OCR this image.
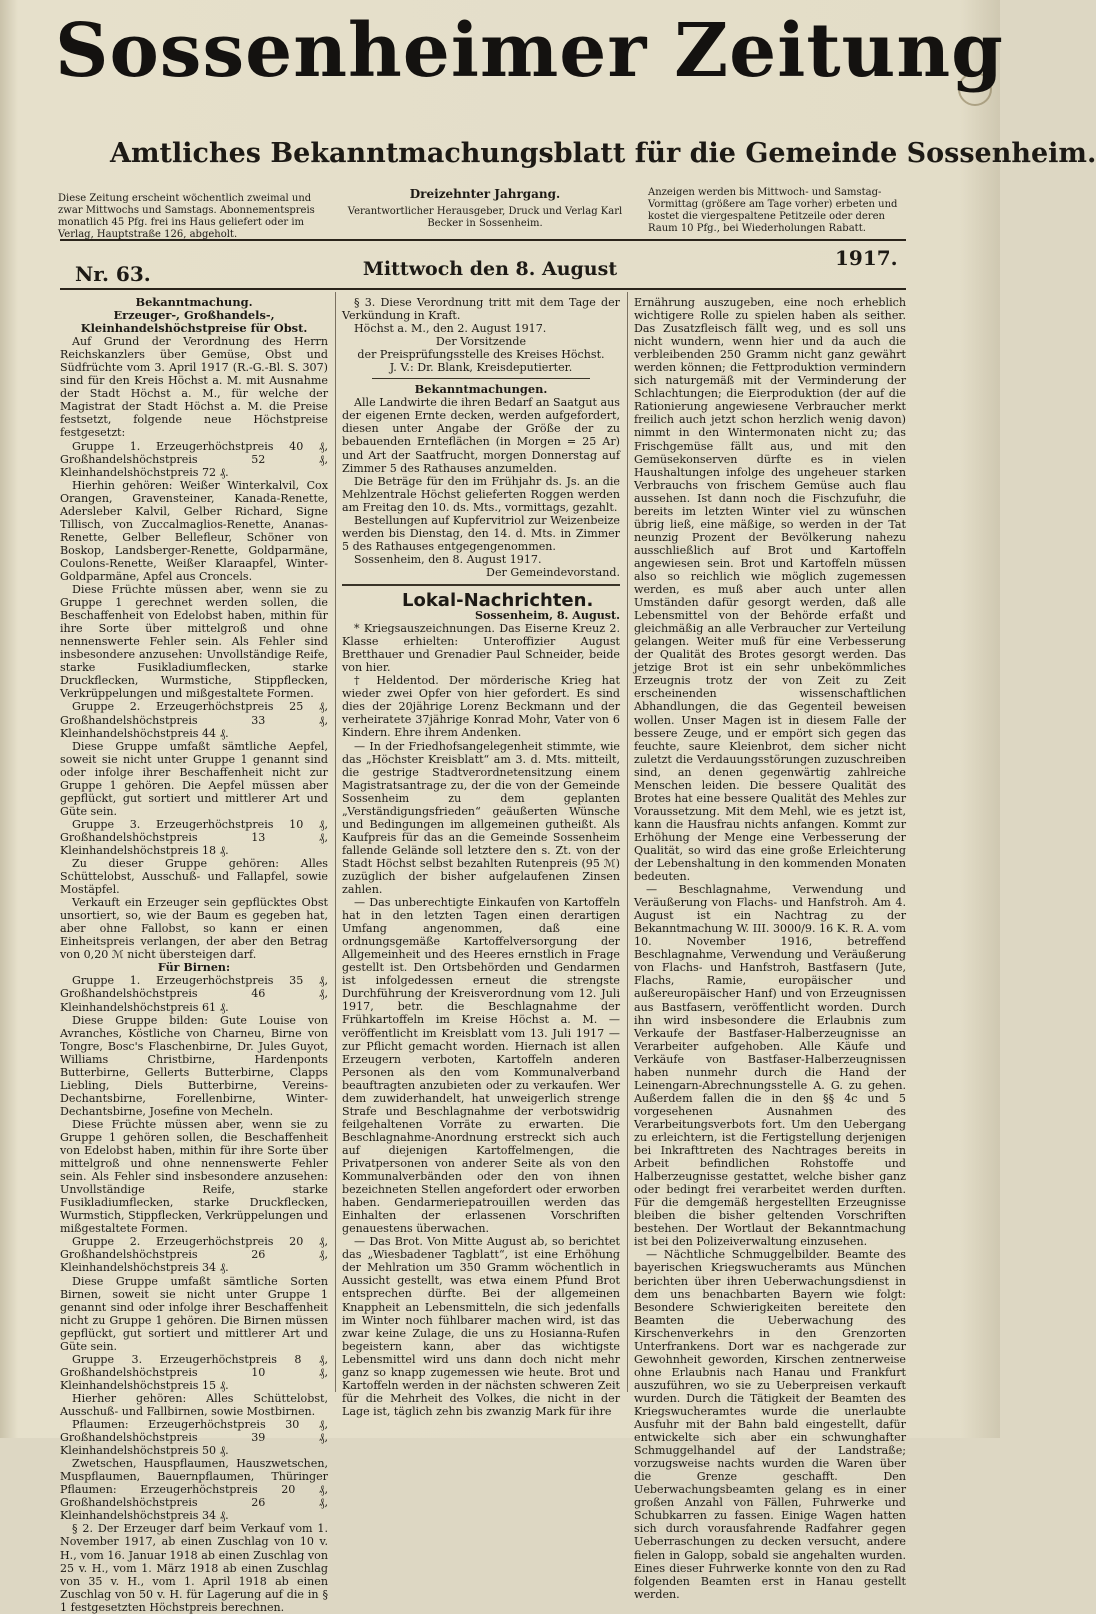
Sossenheimer Zeitung
Amtliches Bekanntmachungsblatt für die Gemeinde Sossenheim.
Diese Zeitung erscheint wöchentlich zweimal und zwar Mittwochs und Samstags. Abonnementspreis monatlich 45 Pfg. frei ins Haus geliefert oder im Verlag, Hauptstraße 126, abgeholt.
Dreizehnter Jahrgang.
Verantwortlicher Herausgeber, Druck und Verlag Karl Becker in Sossenheim.
Anzeigen werden bis Mittwoch- und Samstag-Vormittag (größere am Tage vorher) erbeten und kostet die viergespaltene Petitzeile oder deren Raum 10 Pfg., bei Wiederholungen Rabatt.
Nr. 63.	Mittwoch den 8. August	1917.
Bekanntmachung.
Erzeuger-, Großhandels-, Kleinhandelshöchstpreise für Obst.

Auf Grund der Verordnung des Herrn Reichskanzlers über Gemüse, Obst und Südfrüchte vom 3. April 1917 (R.-G.-Bl. S. 307) sind für den Kreis Höchst a. M. mit Ausnahme der Stadt Höchst a. M., für welche der Magistrat der Stadt Höchst a. M. die Preise festsetzt, folgende neue Höchstpreise festgesetzt:

Gruppe 1. Erzeugerhöchstpreis 40 ₰, Großhandelshöchstpreis 52 ₰, Kleinhandelshöchstpreis 72 ₰.

Hierhin gehören: Weißer Winterkalvil, Cox Orangen, Gravensteiner, Kanada-Renette, Adersleber Kalvil, Gelber Richard, Signe Tillisch, von Zuccalmaglios-Renette, Ananas-Renette, Gelber Bellefleur, Schöner von Boskop, Landsberger-Renette, Goldparmäne, Coulons-Renette, Weißer Klaraapfel, Winter-Goldparmäne, Apfel aus Croncels.

Diese Früchte müssen aber, wenn sie zu Gruppe 1 gerechnet werden sollen, die Beschaffenheit von Edelobst haben, mithin für ihre Sorte über mittelgroß und ohne nennenswerte Fehler sein. Als Fehler sind insbesondere anzusehen: Unvollständige Reife, starke Fusikladiumflecken, starke Druckflecken, Wurmstiche, Stippflecken, Verkrüppelungen und mißgestaltete Formen.

Gruppe 2. Erzeugerhöchstpreis 25 ₰, Großhandelshöchstpreis 33 ₰, Kleinhandelshöchstpreis 44 ₰.

Diese Gruppe umfaßt sämtliche Aepfel, soweit sie nicht unter Gruppe 1 genannt sind oder infolge ihrer Beschaffenheit nicht zur Gruppe 1 gehören. Die Aepfel müssen aber gepflückt, gut sortiert und mittlerer Art und Güte sein.

Gruppe 3. Erzeugerhöchstpreis 10 ₰, Großhandelshöchstpreis 13 ₰, Kleinhandelshöchstpreis 18 ₰.

Zu dieser Gruppe gehören: Alles Schüttelobst, Ausschuß- und Fallapfel, sowie Mostäpfel.

Verkauft ein Erzeuger sein gepflücktes Obst unsortiert, so, wie der Baum es gegeben hat, aber ohne Fallobst, so kann er einen Einheitspreis verlangen, der aber den Betrag von 0,20 ℳ nicht übersteigen darf.

Für Birnen:

Gruppe 1. Erzeugerhöchstpreis 35 ₰, Großhandelshöchstpreis 46 ₰, Kleinhandelshöchstpreis 61 ₰.

Diese Gruppe bilden: Gute Louise von Avranches, Köstliche von Charneu, Birne von Tongre, Bosc's Flaschenbirne, Dr. Jules Guyot, Williams Christbirne, Hardenponts Butterbirne, Gellerts Butterbirne, Clapps Liebling, Diels Butterbirne, Vereins-Dechantsbirne, Forellenbirne, Winter-Dechantsbirne, Josefine von Mecheln.

Diese Früchte müssen aber, wenn sie zu Gruppe 1 gehören sollen, die Beschaffenheit von Edelobst haben, mithin für ihre Sorte über mittelgroß und ohne nennenswerte Fehler sein. Als Fehler sind insbesondere anzusehen: Unvollständige Reife, starke Fusikladiumflecken, starke Druckflecken, Wurmstich, Stippflecken, Verkrüppelungen und mißgestaltete Formen.

Gruppe 2. Erzeugerhöchstpreis 20 ₰, Großhandelshöchstpreis 26 ₰, Kleinhandelshöchstpreis 34 ₰.

Diese Gruppe umfaßt sämtliche Sorten Birnen, soweit sie nicht unter Gruppe 1 genannt sind oder infolge ihrer Beschaffenheit nicht zu Gruppe 1 gehören. Die Birnen müssen gepflückt, gut sortiert und mittlerer Art und Güte sein.

Gruppe 3. Erzeugerhöchstpreis 8 ₰, Großhandelshöchstpreis 10 ₰, Kleinhandelshöchstpreis 15 ₰.

Hierher gehören: Alles Schüttelobst, Ausschuß- und Fallbirnen, sowie Mostbirnen.

Pflaumen: Erzeugerhöchstpreis 30 ₰, Großhandelshöchstpreis 39 ₰, Kleinhandelshöchstpreis 50 ₰.

Zwetschen, Hauspflaumen, Hauszwetschen, Muspflaumen, Bauernpflaumen, Thüringer Pflaumen: Erzeugerhöchstpreis 20 ₰, Großhandelshöchstpreis 26 ₰, Kleinhandelshöchstpreis 34 ₰.

§ 2. Der Erzeuger darf beim Verkauf vom 1. November 1917, ab einen Zuschlag von 10 v. H., vom 16. Januar 1918 ab einen Zuschlag von 25 v. H., vom 1. März 1918 ab einen Zuschlag von 35 v. H., vom 1. April 1918 ab einen Zuschlag von 50 v. H. für Lagerung auf die in § 1 festgesetzten Höchstpreis berechnen.

§ 3. Diese Verordnung tritt mit dem Tage der Verkündung in Kraft.

Höchst a. M., den 2. August 1917.

Der Vorsitzende

der Preisprüfungsstelle des Kreises Höchst.

J. V.: Dr. Blank, Kreisdeputierter.

Bekanntmachungen.

Alle Landwirte die ihren Bedarf an Saatgut aus der eigenen Ernte decken, werden aufgefordert, diesen unter Angabe der Größe der zu bebauenden Ernteflächen (in Morgen = 25 Ar) und Art der Saatfrucht, morgen Donnerstag auf Zimmer 5 des Rathauses anzumelden.

Die Beträge für den im Frühjahr ds. Js. an die Mehlzentrale Höchst gelieferten Roggen werden am Freitag den 10. ds. Mts., vormittags, gezahlt.

Bestellungen auf Kupfervitriol zur Weizenbeize werden bis Dienstag, den 14. d. Mts. in Zimmer 5 des Rathauses entgegengenommen.

Sossenheim, den 8. August 1917.

Der Gemeindevorstand.

Lokal-Nachrichten.

Sossenheim, 8. August.

* Kriegsauszeichnungen. Das Eiserne Kreuz 2. Klasse erhielten: Unteroffizier August Bretthauer und Grenadier Paul Schneider, beide von hier.

† Heldentod. Der mörderische Krieg hat wieder zwei Opfer von hier gefordert. Es sind dies der 20jährige Lorenz Beckmann und der verheiratete 37jährige Konrad Mohr, Vater von 6 Kindern. Ehre ihrem Andenken.

— In der Friedhofsangelegenheit stimmte, wie das „Höchster Kreisblatt“ am 3. d. Mts. mitteilt, die gestrige Stadtverordnetensitzung einem Magistratsantrage zu, der die von der Gemeinde Sossenheim zu dem geplanten „Verständigungsfrieden“ geäußerten Wünsche und Bedingungen im allgemeinen gutheißt. Als Kaufpreis für das an die Gemeinde Sossenheim fallende Gelände soll letztere den s. Zt. von der Stadt Höchst selbst bezahlten Rutenpreis (95 ℳ) zuzüglich der bisher aufgelaufenen Zinsen zahlen.

— Das unberechtigte Einkaufen von Kartoffeln hat in den letzten Tagen einen derartigen Umfang angenommen, daß eine ordnungsgemäße Kartoffelversorgung der Allgemeinheit und des Heeres ernstlich in Frage gestellt ist. Den Ortsbehörden und Gendarmen ist infolgedessen erneut die strengste Durchführung der Kreisverordnung vom 12. Juli 1917, betr. die Beschlagnahme der Frühkartoffeln im Kreise Höchst a. M. — veröffentlicht im Kreisblatt vom 13. Juli 1917 — zur Pflicht gemacht worden. Hiernach ist allen Erzeugern verboten, Kartoffeln anderen Personen als den vom Kommunalverband beauftragten anzubieten oder zu verkaufen. Wer dem zuwiderhandelt, hat unweigerlich strenge Strafe und Beschlagnahme der verbotswidrig feilgehaltenen Vorräte zu erwarten. Die Beschlagnahme-Anordnung erstreckt sich auch auf diejenigen Kartoffelmengen, die Privatpersonen von anderer Seite als von den Kommunalverbänden oder den von ihnen bezeichneten Stellen angefordert oder erworben haben. Gendarmeriepatrouillen werden das Einhalten der erlassenen Vorschriften genauestens überwachen.

— Das Brot. Von Mitte August ab, so berichtet das „Wiesbadener Tagblatt“, ist eine Erhöhung der Mehlration um 350 Gramm wöchentlich in Aussicht gestellt, was etwa einem Pfund Brot entsprechen dürfte. Bei der allgemeinen Knappheit an Lebensmitteln, die sich jedenfalls im Winter noch fühlbarer machen wird, ist das zwar keine Zulage, die uns zu Hosianna-Rufen begeistern kann, aber das wichtigste Lebensmittel wird uns dann doch nicht mehr ganz so knapp zugemessen wie heute. Brot und Kartoffeln werden in der nächsten schweren Zeit für die Mehrheit des Volkes, die nicht in der Lage ist, täglich zehn bis zwanzig Mark für ihre

Ernährung auszugeben, eine noch erheblich wichtigere Rolle zu spielen haben als seither. Das Zusatzfleisch fällt weg, und es soll uns nicht wundern, wenn hier und da auch die verbleibenden 250 Gramm nicht ganz gewährt werden können; die Fettproduktion vermindern sich naturgemäß mit der Verminderung der Schlachtungen; die Eierproduktion (der auf die Rationierung angewiesene Verbraucher merkt freilich auch jetzt schon herzlich wenig davon) nimmt in den Wintermonaten nicht zu; das Frischgemüse fällt aus, und mit den Gemüsekonserven dürfte es in vielen Haushaltungen infolge des ungeheuer starken Verbrauchs von frischem Gemüse auch flau aussehen. Ist dann noch die Fischzufuhr, die bereits im letzten Winter viel zu wünschen übrig ließ, eine mäßige, so werden in der Tat neunzig Prozent der Bevölkerung nahezu ausschließlich auf Brot und Kartoffeln angewiesen sein. Brot und Kartoffeln müssen also so reichlich wie möglich zugemessen werden, es muß aber auch unter allen Umständen dafür gesorgt werden, daß alle Lebensmittel von der Behörde erfaßt und gleichmäßig an alle Verbraucher zur Verteilung gelangen. Weiter muß für eine Verbesserung der Qualität des Brotes gesorgt werden. Das jetzige Brot ist ein sehr unbekömmliches Erzeugnis trotz der von Zeit zu Zeit erscheinenden wissenschaftlichen Abhandlungen, die das Gegenteil beweisen wollen. Unser Magen ist in diesem Falle der bessere Zeuge, und er empört sich gegen das feuchte, saure Kleienbrot, dem sicher nicht zuletzt die Verdauungsstörungen zuzuschreiben sind, an denen gegenwärtig zahlreiche Menschen leiden. Die bessere Qualität des Brotes hat eine bessere Qualität des Mehles zur Voraussetzung. Mit dem Mehl, wie es jetzt ist, kann die Hausfrau nichts anfangen. Kommt zur Erhöhung der Menge eine Verbesserung der Qualität, so wird das eine große Erleichterung der Lebenshaltung in den kommenden Monaten bedeuten.

— Beschlagnahme, Verwendung und Veräußerung von Flachs- und Hanfstroh. Am 4. August ist ein Nachtrag zu der Bekanntmachung W. III. 3000/9. 16 K. R. A. vom 10. November 1916, betreffend Beschlagnahme, Verwendung und Veräußerung von Flachs- und Hanfstroh, Bastfasern (Jute, Flachs, Ramie, europäischer und außereuropäischer Hanf) und von Erzeugnissen aus Bastfasern, veröffentlicht worden. Durch ihn wird insbesondere die Erlaubnis zum Verkaufe der Bastfaser-Halberzeugnisse an Verarbeiter aufgehoben. Alle Käufe und Verkäufe von Bastfaser-Halberzeugnissen haben nunmehr durch die Hand der Leinengarn-Abrechnungsstelle A. G. zu gehen. Außerdem fallen die in den §§ 4c und 5 vorgesehenen Ausnahmen des Verarbeitungsverbots fort. Um den Uebergang zu erleichtern, ist die Fertigstellung derjenigen bei Inkrafttreten des Nachtrages bereits in Arbeit befindlichen Rohstoffe und Halberzeugnisse gestattet, welche bisher ganz oder bedingt frei verarbeitet werden durften. Für die demgemäß hergestellten Erzeugnisse bleiben die bisher geltenden Vorschriften bestehen. Der Wortlaut der Bekanntmachung ist bei den Polizeiverwaltung einzusehen.

— Nächtliche Schmuggelbilder. Beamte des bayerischen Kriegswucheramts aus München berichten über ihren Ueberwachungsdienst in dem uns benachbarten Bayern wie folgt: Besondere Schwierigkeiten bereitete den Beamten die Ueberwachung des Kirschenverkehrs in den Grenzorten Unterfrankens. Dort war es nachgerade zur Gewohnheit geworden, Kirschen zentnerweise ohne Erlaubnis nach Hanau und Frankfurt auszuführen, wo sie zu Ueberpreisen verkauft wurden. Durch die Tätigkeit der Beamten des Kriegswucheramtes wurde die unerlaubte Ausfuhr mit der Bahn bald eingestellt, dafür entwickelte sich aber ein schwunghafter Schmuggelhandel auf der Landstraße; vorzugsweise nachts wurden die Waren über die Grenze geschafft. Den Ueberwachungsbeamten gelang es in einer großen Anzahl von Fällen, Fuhrwerke und Schubkarren zu fassen. Einige Wagen hatten sich durch vorausfahrende Radfahrer gegen Ueberraschungen zu decken versucht, andere fielen in Galopp, sobald sie angehalten wurden. Eines dieser Fuhrwerke konnte von den zu Rad folgenden Beamten erst in Hanau gestellt werden.
